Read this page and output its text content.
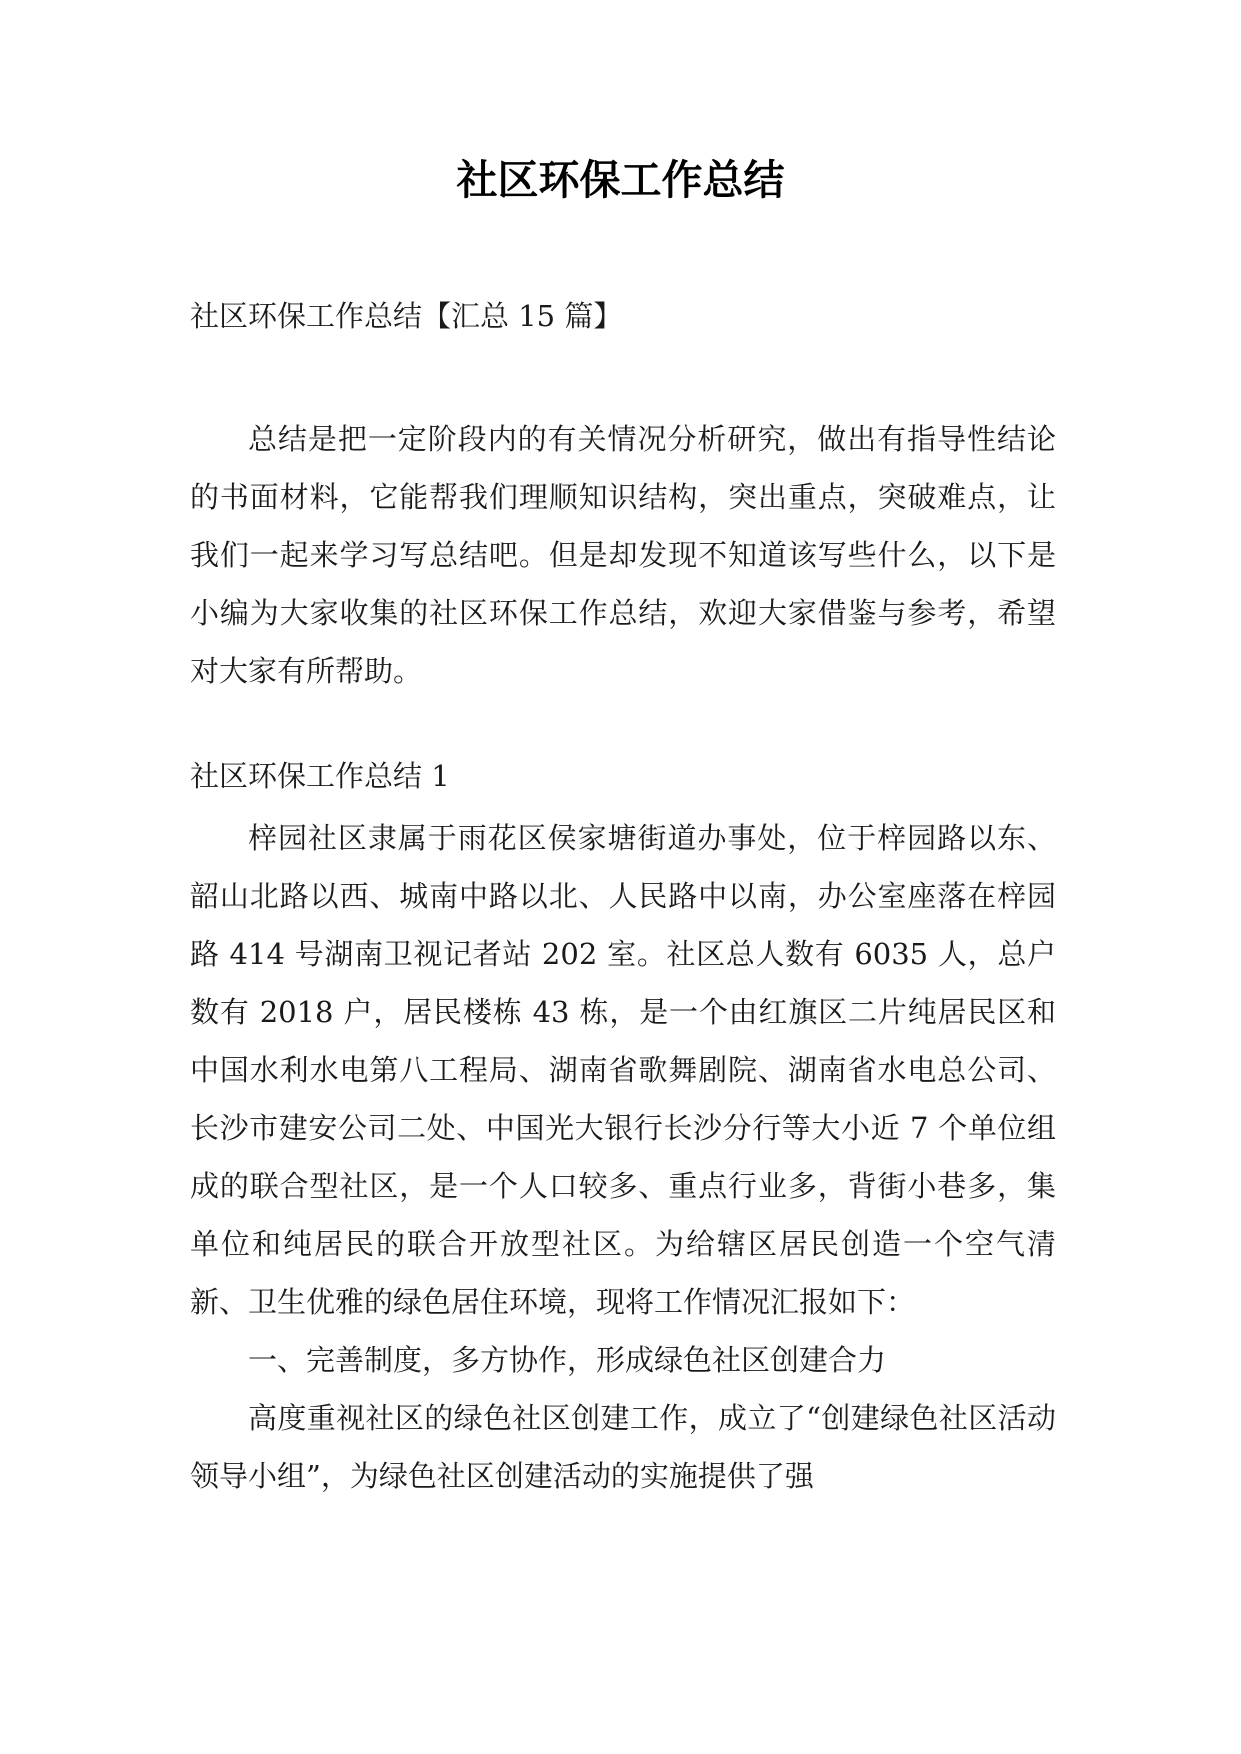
社区环保工作总结
社区环保工作总结【汇总 15 篇】

总结是把一定阶段内的有关情况分析研究，做出有指导性结论的书面材料，它能帮我们理顺知识结构，突出重点，突破难点，让我们一起来学习写总结吧。但是却发现不知道该写些什么，以下是小编为大家收集的社区环保工作总结，欢迎大家借鉴与参考，希望对大家有所帮助。

社区环保工作总结 1

梓园社区隶属于雨花区侯家塘街道办事处，位于梓园路以东、韶山北路以西、城南中路以北、人民路中以南，办公室座落在梓园路 414 号湖南卫视记者站 202 室。社区总人数有 6035 人，总户数有 2018 户，居民楼栋 43 栋，是一个由红旗区二片纯居民区和中国水利水电第八工程局、湖南省歌舞剧院、湖南省水电总公司、长沙市建安公司二处、中国光大银行长沙分行等大小近 7 个单位组成的联合型社区，是一个人口较多、重点行业多，背街小巷多，集单位和纯居民的联合开放型社区。为给辖区居民创造一个空气清新、卫生优雅的绿色居住环境，现将工作情况汇报如下：

一、完善制度，多方协作，形成绿色社区创建合力

高度重视社区的绿色社区创建工作，成立了“创建绿色社区活动领导小组”，为绿色社区创建活动的实施提供了强
